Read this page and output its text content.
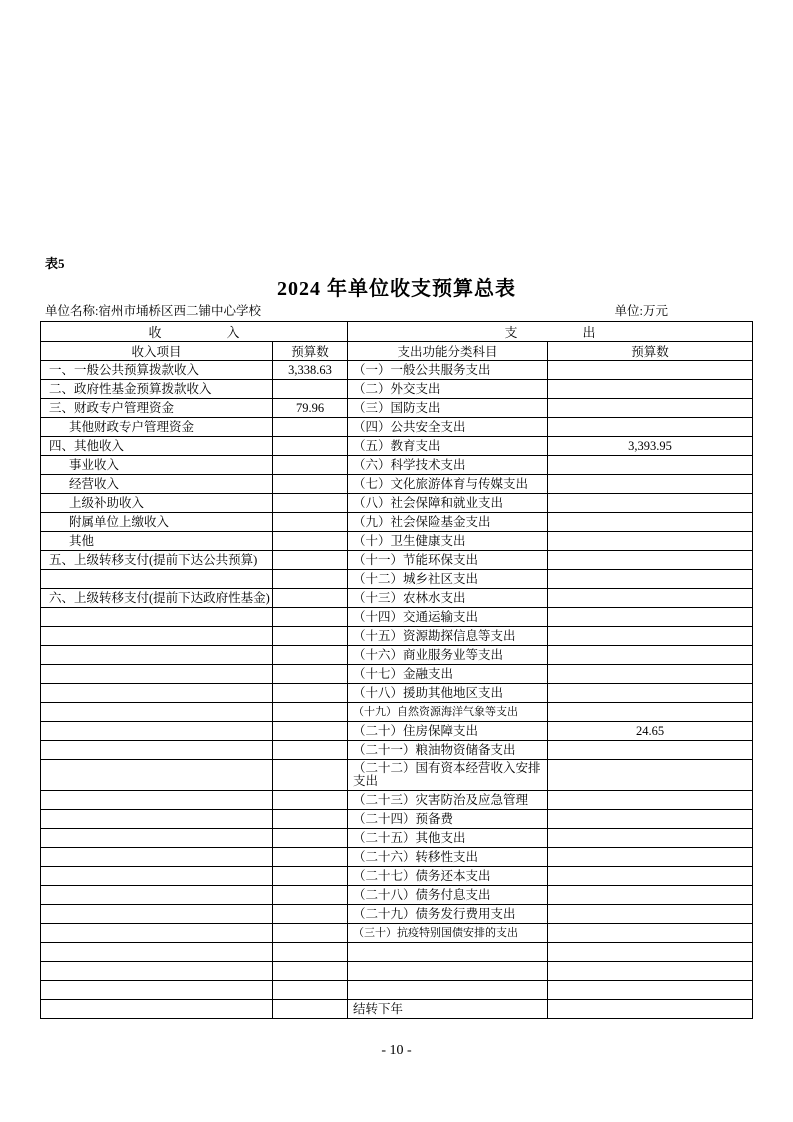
表5
2024 年单位收支预算总表
单位名称:宿州市埇桥区西二铺中心学校	单位:万元
收　　　　　入		支　　　　　出	
收入项目	预算数	支出功能分类科目	预算数
一、一般公共预算拨款收入	3,338.63	（一）一般公共服务支出	
二、政府性基金预算拨款收入		（二）外交支出	
三、财政专户管理资金	79.96	（三）国防支出	
其他财政专户管理资金		（四）公共安全支出	
四、其他收入		（五）教育支出	3,393.95
事业收入		（六）科学技术支出	
经营收入		（七）文化旅游体育与传媒支出	
上级补助收入		（八）社会保障和就业支出	
附属单位上缴收入		（九）社会保险基金支出	
其他		（十）卫生健康支出	
五、上级转移支付(提前下达公共预算)		（十一）节能环保支出	
		（十二）城乡社区支出	
六、上级转移支付(提前下达政府性基金)		（十三）农林水支出	
		（十四）交通运输支出	
		（十五）资源勘探信息等支出	
		（十六）商业服务业等支出	
		（十七）金融支出	
		（十八）援助其他地区支出	
		（十九）自然资源海洋气象等支出	
		（二十）住房保障支出	24.65
		（二十一）粮油物资储备支出	
		（二十二）国有资本经营收入安排支出	
		（二十三）灾害防治及应急管理	
		（二十四）预备费	
		（二十五）其他支出	
		（二十六）转移性支出	
		（二十七）债务还本支出	
		（二十八）债务付息支出	
		（二十九）债务发行费用支出	
		（三十）抗疫特别国债安排的支出	

		结转下年	
- 10 -
